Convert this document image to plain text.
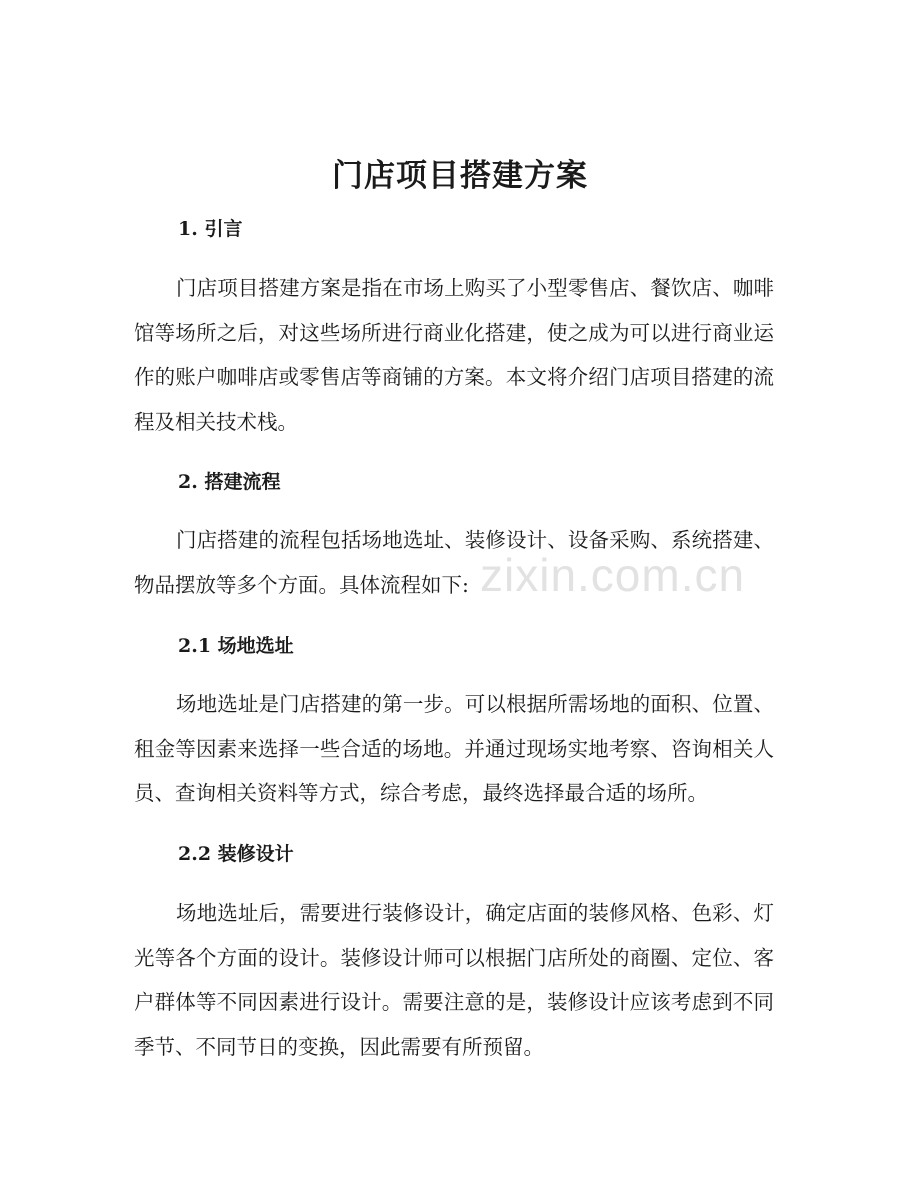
门店项目搭建方案
1. 引言

门店项目搭建方案是指在市场上购买了小型零售店、餐饮店、咖啡馆等场所之后，对这些场所进行商业化搭建，使之成为可以进行商业运作的账户咖啡店或零售店等商铺的方案。本文将介绍门店项目搭建的流程及相关技术栈。

2. 搭建流程

门店搭建的流程包括场地选址、装修设计、设备采购、系统搭建、物品摆放等多个方面。具体流程如下:

2.1 场地选址

场地选址是门店搭建的第一步。可以根据所需场地的面积、位置、租金等因素来选择一些合适的场地。并通过现场实地考察、咨询相关人员、查询相关资料等方式，综合考虑，最终选择最合适的场所。

2.2 装修设计

场地选址后，需要进行装修设计，确定店面的装修风格、色彩、灯光等各个方面的设计。装修设计师可以根据门店所处的商圈、定位、客户群体等不同因素进行设计。需要注意的是，装修设计应该考虑到不同季节、不同节日的变换，因此需要有所预留。

zixin.com.cn
